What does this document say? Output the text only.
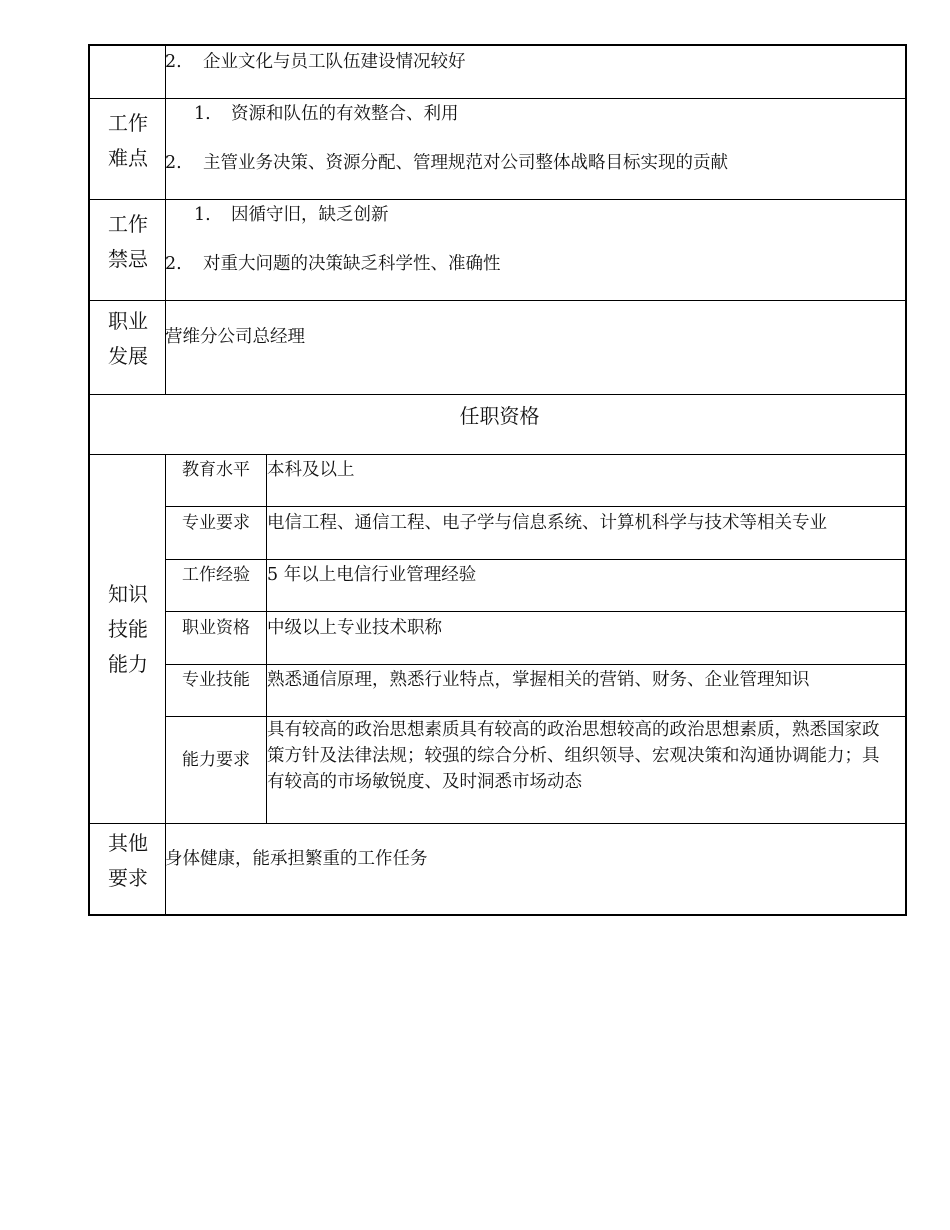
2. 企业文化与员工队伍建设情况较好
工作
难点
1. 资源和队伍的有效整合、利用
2. 主管业务决策、资源分配、管理规范对公司整体战略目标实现的贡献
工作
禁忌
1. 因循守旧，缺乏创新
2. 对重大问题的决策缺乏科学性、准确性
职业
发展
营维分公司总经理
任职资格
知识
技能
能力
教育水平 本科及以上
专业要求 电信工程、通信工程、电子学与信息系统、计算机科学与技术等相关专业
工作经验 5 年以上电信行业管理经验
职业资格 中级以上专业技术职称
专业技能 熟悉通信原理，熟悉行业特点，掌握相关的营销、财务、企业管理知识
能力要求
具有较高的政治思想素质具有较高的政治思想较高的政治思想素质，熟悉国家政策方针及法律法规；较强的综合分析、组织领导、宏观决策和沟通协调能力；具有较高的市场敏锐度、及时洞悉市场动态
其他
要求
身体健康，能承担繁重的工作任务
